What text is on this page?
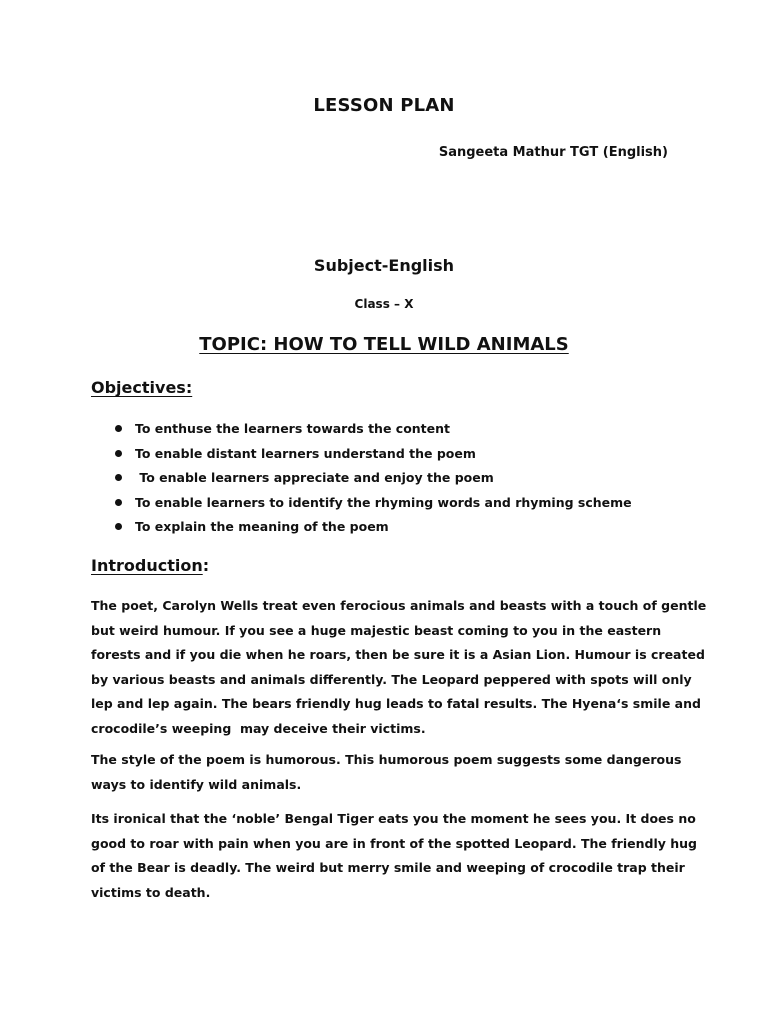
LESSON PLAN
Sangeeta Mathur TGT (English)
Subject-English
Class – X
TOPIC: HOW TO TELL WILD ANIMALS
Objectives:
To enthuse the learners towards the content
To enable distant learners understand the poem
To enable learners appreciate and enjoy the poem
To enable learners to identify the rhyming words and rhyming scheme
To explain the meaning of the poem
Introduction:

The poet, Carolyn Wells treat even ferocious animals and beasts with a touch of gentle
but weird humour. If you see a huge majestic beast coming to you in the eastern
forests and if you die when he roars, then be sure it is a Asian Lion. Humour is created
by various beasts and animals differently. The Leopard peppered with spots will only
lep and lep again. The bears friendly hug leads to fatal results. The Hyena‘s smile and
crocodile’s weeping  may deceive their victims.

The style of the poem is humorous. This humorous poem suggests some dangerous
ways to identify wild animals.

Its ironical that the ‘noble’ Bengal Tiger eats you the moment he sees you. It does no
good to roar with pain when you are in front of the spotted Leopard. The friendly hug
of the Bear is deadly. The weird but merry smile and weeping of crocodile trap their
victims to death.
